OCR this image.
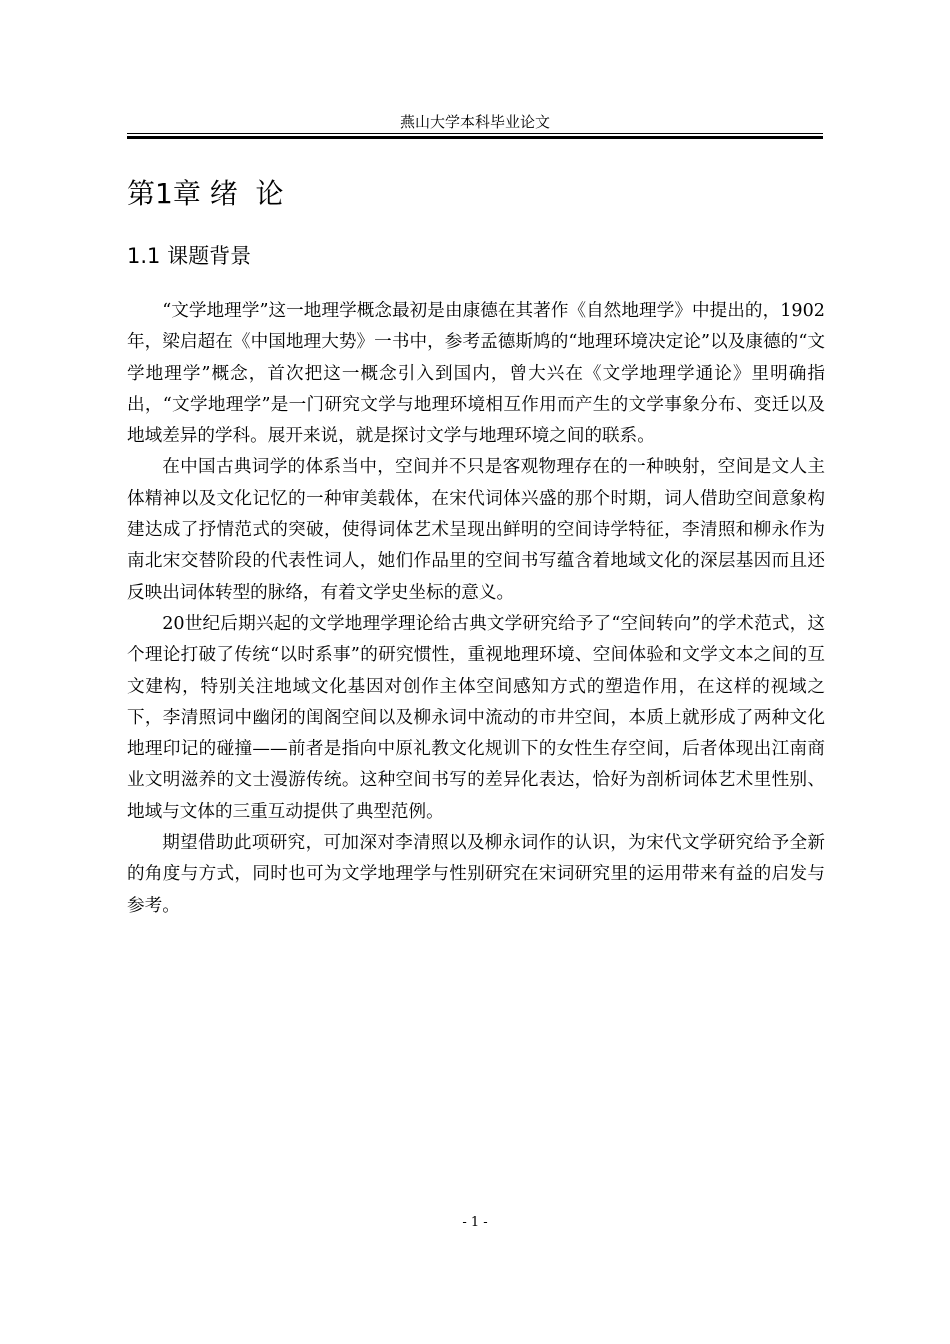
燕山大学本科毕业论文
第1章 绪  论
1.1 课题背景

“文学地理学”这一地理学概念最初是由康德在其著作《自然地理学》中提出的，1902年，梁启超在《中国地理大势》一书中，参考孟德斯鸠的“地理环境决定论”以及康德的“文学地理学”概念，首次把这一概念引入到国内，曾大兴在《文学地理学通论》里明确指出，“文学地理学”是一门研究文学与地理环境相互作用而产生的文学事象分布、变迁以及地域差异的学科。展开来说，就是探讨文学与地理环境之间的联系。

在中国古典词学的体系当中，空间并不只是客观物理存在的一种映射，空间是文人主体精神以及文化记忆的一种审美载体，在宋代词体兴盛的那个时期，词人借助空间意象构建达成了抒情范式的突破，使得词体艺术呈现出鲜明的空间诗学特征，李清照和柳永作为南北宋交替阶段的代表性词人，她们作品里的空间书写蕴含着地域文化的深层基因而且还反映出词体转型的脉络，有着文学史坐标的意义。

20世纪后期兴起的文学地理学理论给古典文学研究给予了“空间转向”的学术范式，这个理论打破了传统“以时系事”的研究惯性，重视地理环境、空间体验和文学文本之间的互文建构，特别关注地域文化基因对创作主体空间感知方式的塑造作用，在这样的视域之下，李清照词中幽闭的闺阁空间以及柳永词中流动的市井空间，本质上就形成了两种文化地理印记的碰撞——前者是指向中原礼教文化规训下的女性生存空间，后者体现出江南商业文明滋养的文士漫游传统。这种空间书写的差异化表达，恰好为剖析词体艺术里性别、地域与文体的三重互动提供了典型范例。

期望借助此项研究，可加深对李清照以及柳永词作的认识，为宋代文学研究给予全新的角度与方式，同时也可为文学地理学与性别研究在宋词研究里的运用带来有益的启发与参考。

- 1 -
